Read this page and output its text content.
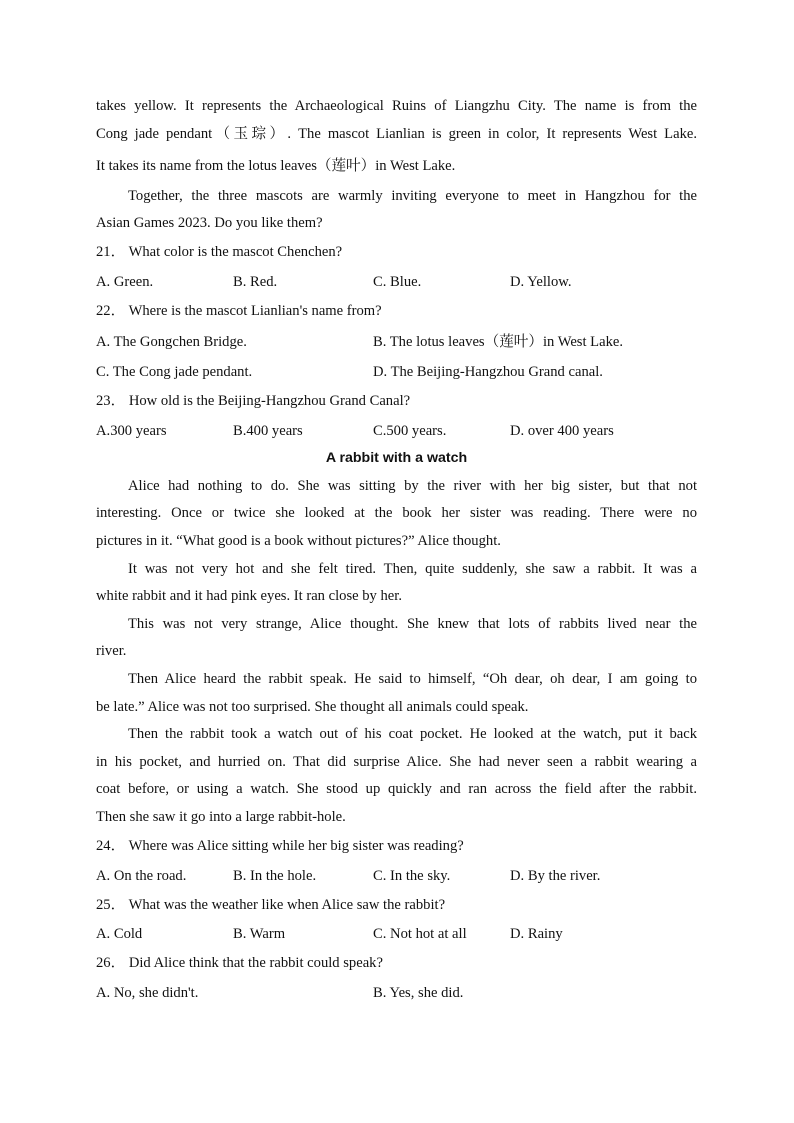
takes yellow. It represents the Archaeological Ruins of Liangzhu City. The name is from the
Cong jade pendant（玉琮）. The mascot Lianlian is green in color, It represents West Lake.
It takes its name from the lotus leaves（莲叶）in West Lake.
Together, the three mascots are warmly inviting everyone to meet in Hangzhou for the
Asian Games 2023. Do you like them?
21． What color is the mascot Chenchen?
A. Green.	B. Red.	C. Blue.	D. Yellow.
22． Where is the mascot Lianlian's name from?
A. The Gongchen Bridge.	B. The lotus leaves（莲叶）in West Lake.
C. The Cong jade pendant.	D. The Beijing-Hangzhou Grand canal.
23． How old is the Beijing-Hangzhou Grand Canal?
A.300 years	B.400 years	C.500 years.	D. over 400 years
A rabbit with a watch
Alice had nothing to do. She was sitting by the river with her big sister, but that not
interesting. Once or twice she looked at the book her sister was reading. There were no
pictures in it. “What good is a book without pictures?” Alice thought.
It was not very hot and she felt tired. Then, quite suddenly, she saw a rabbit. It was a
white rabbit and it had pink eyes. It ran close by her.
This was not very strange, Alice thought. She knew that lots of rabbits lived near the
river.
Then Alice heard the rabbit speak. He said to himself, “Oh dear, oh dear, I am going to
be late.” Alice was not too surprised. She thought all animals could speak.
Then the rabbit took a watch out of his coat pocket. He looked at the watch, put it back
in his pocket, and hurried on. That did surprise Alice. She had never seen a rabbit wearing a
coat before, or using a watch. She stood up quickly and ran across the field after the rabbit.
Then she saw it go into a large rabbit-hole.
24． Where was Alice sitting while her big sister was reading?
A. On the road.	B. In the hole.	C. In the sky.	D. By the river.
25． What was the weather like when Alice saw the rabbit?
A. Cold	B. Warm	C. Not hot at all	D. Rainy
26． Did Alice think that the rabbit could speak?
A. No, she didn't.	B. Yes, she did.
